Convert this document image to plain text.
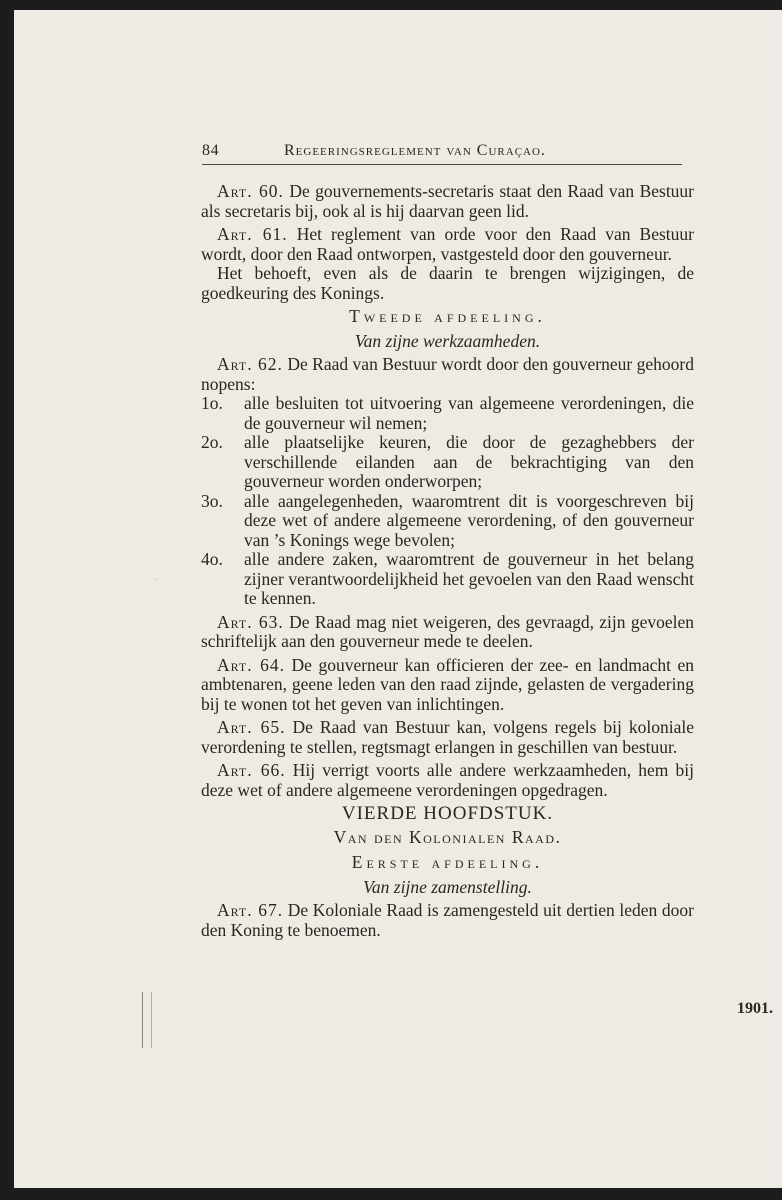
·
84	Regeeringsreglement van Curaçao.

Art. 60. De gouvernements-secretaris staat den Raad van Bestuur als secretaris bij, ook al is hij daarvan geen lid.

Art. 61. Het reglement van orde voor den Raad van Bestuur wordt, door den Raad ontworpen, vastgesteld door den gouverneur.

Het behoeft, even als de daarin te brengen wijzigingen, de goedkeuring des Konings.

Tweede afdeeling.

Van zijne werkzaamheden.

Art. 62. De Raad van Bestuur wordt door den gouverneur gehoord nopens:

1o.	alle besluiten tot uitvoering van algemeene verordeningen, die de gouverneur wil nemen;
2o.	alle plaatselijke keuren, die door de gezaghebbers der verschillende eilanden aan de bekrachtiging van den gouverneur worden onderworpen;
3o.	alle aangelegenheden, waaromtrent dit is voorgeschreven bij deze wet of andere algemeene verordening, of den gouverneur van ’s Konings wege bevolen;
4o.	alle andere zaken, waaromtrent de gouverneur in het belang zijner verantwoordelijkheid het gevoelen van den Raad wenscht te kennen.

Art. 63. De Raad mag niet weigeren, des gevraagd, zijn gevoelen schriftelijk aan den gouverneur mede te deelen.

Art. 64. De gouverneur kan officieren der zee- en landmacht en ambtenaren, geene leden van den raad zijnde, gelasten de vergadering bij te wonen tot het geven van inlichtingen.

Art. 65. De Raad van Bestuur kan, volgens regels bij koloniale verordening te stellen, regtsmagt erlangen in geschillen van bestuur.

Art. 66. Hij verrigt voorts alle andere werkzaamheden, hem bij deze wet of andere algemeene verordeningen opgedragen.

VIERDE HOOFDSTUK.

Van den Kolonialen Raad.

Eerste afdeeling.

Van zijne zamenstelling.

Art. 67. De Koloniale Raad is zamengesteld uit dertien leden door den Koning te benoemen.

1901.
